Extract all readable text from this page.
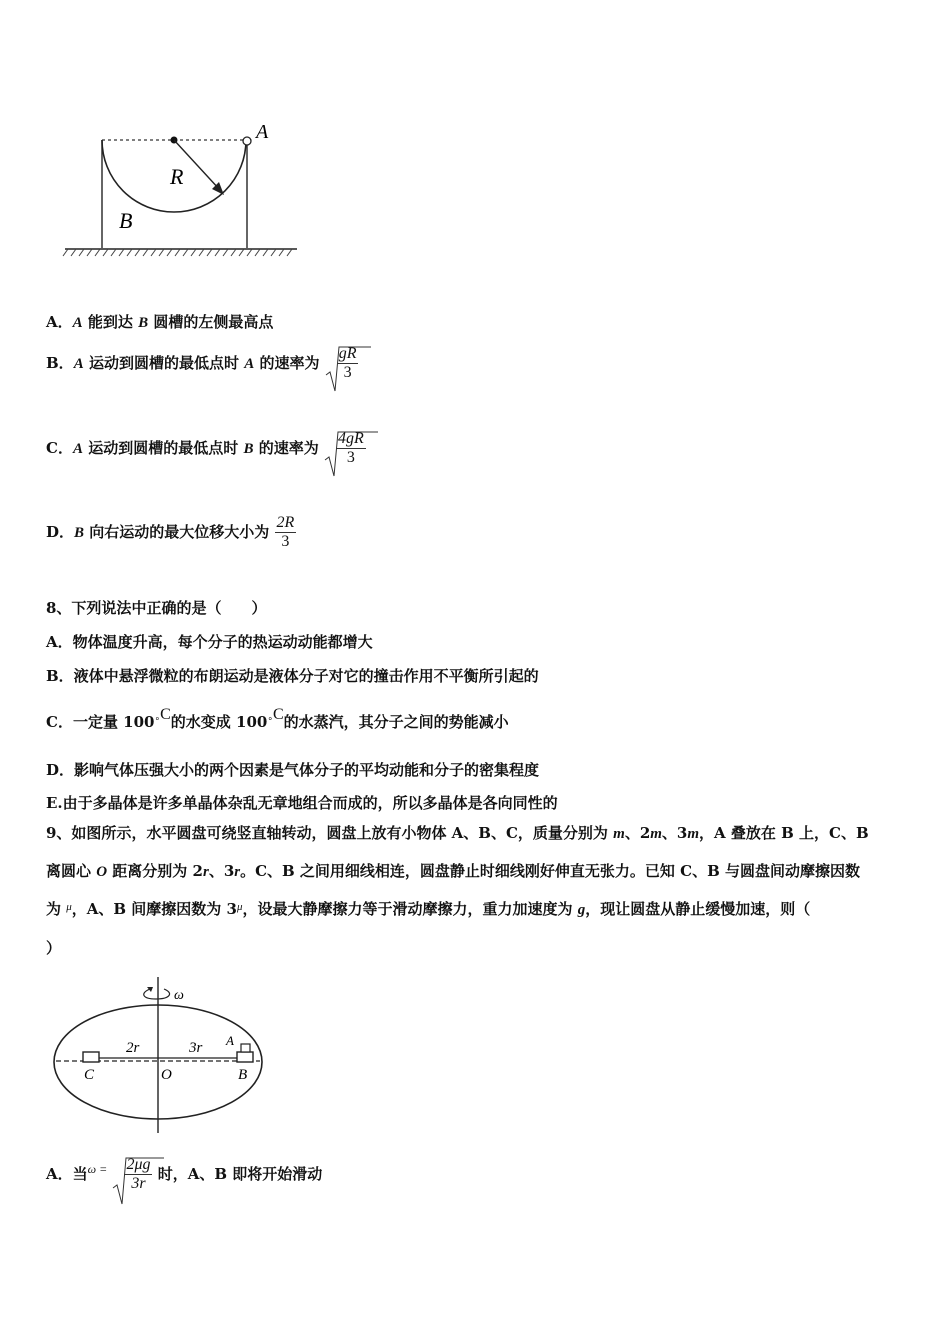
A
R
B
A．A 能到达 B 圆槽的左侧最高点
B．A 运动到圆槽的最低点时 A 的速率为 $\frac{gR}{3}$
C．A 运动到圆槽的最低点时 B 的速率为 $\frac{4gR}{3}$
D．B 向右运动的最大位移大小为 $\frac{2R}{3}$
8、下列说法中正确的是（　　）
A．物体温度升高，每个分子的热运动动能都增大
B．液体中悬浮微粒的布朗运动是液体分子对它的撞击作用不平衡所引起的
C．一定量 100∘C的水变成 100∘C的水蒸汽，其分子之间的势能减小
D．影响气体压强大小的两个因素是气体分子的平均动能和分子的密集程度
E.由于多晶体是许多单晶体杂乱无章地组合而成的，所以多晶体是各向同性的
9、如图所示，水平圆盘可绕竖直轴转动，圆盘上放有小物体 A、B、C，质量分别为 m、2m、3m，A 叠放在 B 上，C、B
离圆心 O 距离分别为 2r、3r。C、B 之间用细线相连，圆盘静止时细线刚好伸直无张力。已知 C、B 与圆盘间动摩擦因数
为 $^\mu$，A、B 间摩擦因数为 $3^\mu$，设最大静摩擦力等于滑动摩擦力，重力加速度为 g，现让圆盘从静止缓慢加速，则（
）
ω
2r	3r A
C	O	B
A．当$^{\omega =} \frac{2\mu g}{3r}$ 时，A、B 即将开始滑动
